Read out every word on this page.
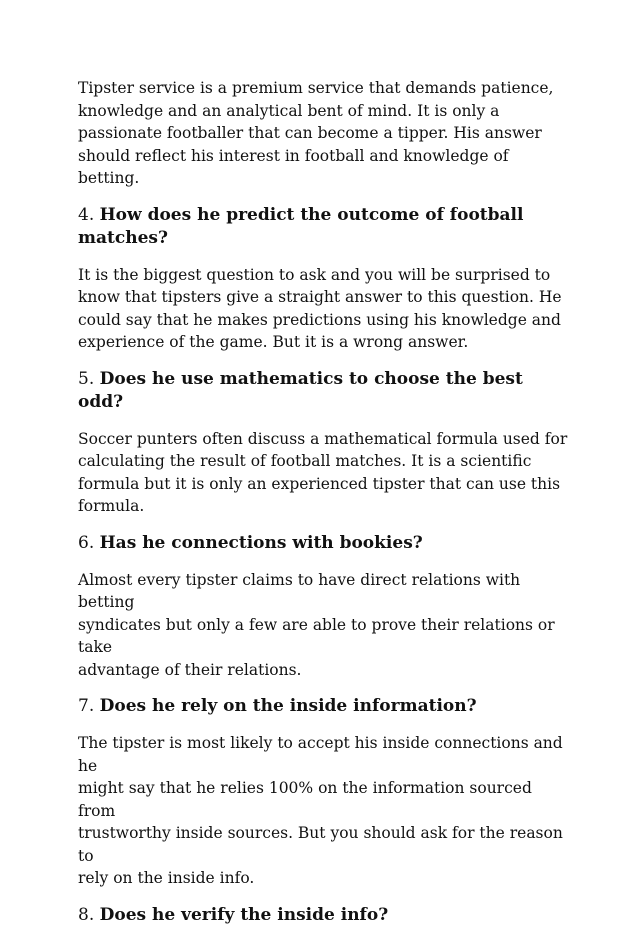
Tipster service is a premium service that demands patience,
knowledge and an analytical bent of mind. It is only a
passionate footballer that can become a tipper. His answer
should reflect his interest in football and knowledge of betting.

4. How does he predict the outcome of football
matches?

It is the biggest question to ask and you will be surprised to
know that tipsters give a straight answer to this question. He
could say that he makes predictions using his knowledge and
experience of the game. But it is a wrong answer.

5. Does he use mathematics to choose the best odd?

Soccer punters often discuss a mathematical formula used for
calculating the result of football matches. It is a scientific
formula but it is only an experienced tipster that can use this
formula.

6. Has he connections with bookies?

Almost every tipster claims to have direct relations with betting
syndicates but only a few are able to prove their relations or take
advantage of their relations.

7. Does he rely on the inside information?

The tipster is most likely to accept his inside connections and he
might say that he relies 100% on the information sourced from
trustworthy inside sources. But you should ask for the reason to
rely on the inside info.

8. Does he verify the inside info?
